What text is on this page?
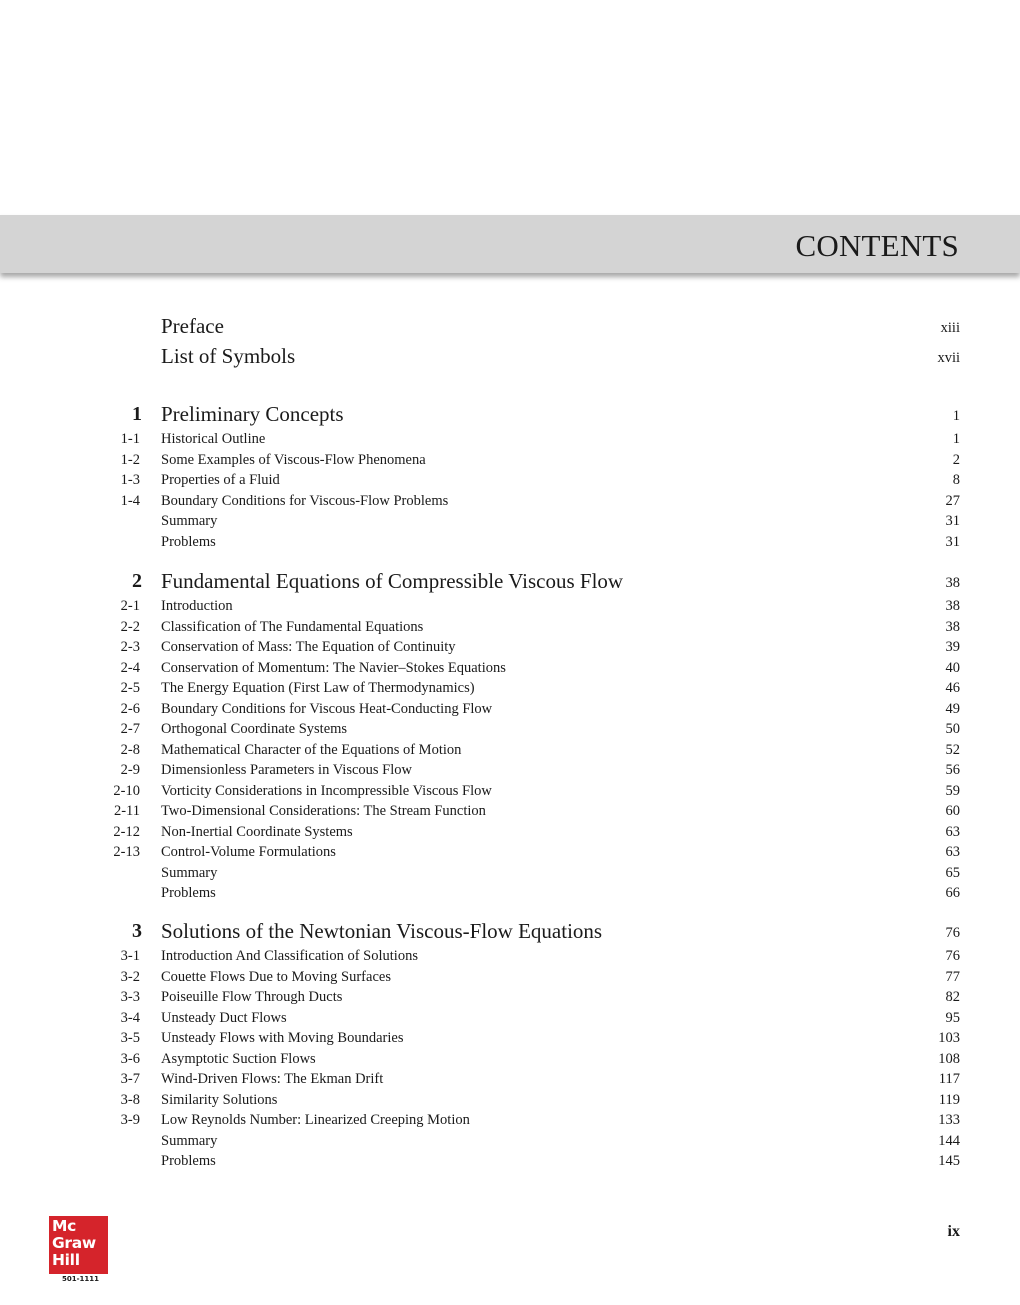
CONTENTS
Preface	xiii
List of Symbols	xvii
1 Preliminary Concepts	1
1-1 Historical Outline	1
1-2 Some Examples of Viscous-Flow Phenomena	2
1-3 Properties of a Fluid	8
1-4 Boundary Conditions for Viscous-Flow Problems	27
Summary	31
Problems	31
2 Fundamental Equations of Compressible Viscous Flow	38
2-1 Introduction	38
2-2 Classification of The Fundamental Equations	38
2-3 Conservation of Mass: The Equation of Continuity	39
2-4 Conservation of Momentum: The Navier–Stokes Equations	40
2-5 The Energy Equation (First Law of Thermodynamics)	46
2-6 Boundary Conditions for Viscous Heat-Conducting Flow	49
2-7 Orthogonal Coordinate Systems	50
2-8 Mathematical Character of the Equations of Motion	52
2-9 Dimensionless Parameters in Viscous Flow	56
2-10 Vorticity Considerations in Incompressible Viscous Flow	59
2-11 Two-Dimensional Considerations: The Stream Function	60
2-12 Non-Inertial Coordinate Systems	63
2-13 Control-Volume Formulations	63
Summary	65
Problems	66
3 Solutions of the Newtonian Viscous-Flow Equations	76
3-1 Introduction And Classification of Solutions	76
3-2 Couette Flows Due to Moving Surfaces	77
3-3 Poiseuille Flow Through Ducts	82
3-4 Unsteady Duct Flows	95
3-5 Unsteady Flows with Moving Boundaries	103
3-6 Asymptotic Suction Flows	108
3-7 Wind-Driven Flows: The Ekman Drift	117
3-8 Similarity Solutions	119
3-9 Low Reynolds Number: Linearized Creeping Motion	133
Summary	144
Problems	145
ix
Mc
Graw
Hill
501-1111
